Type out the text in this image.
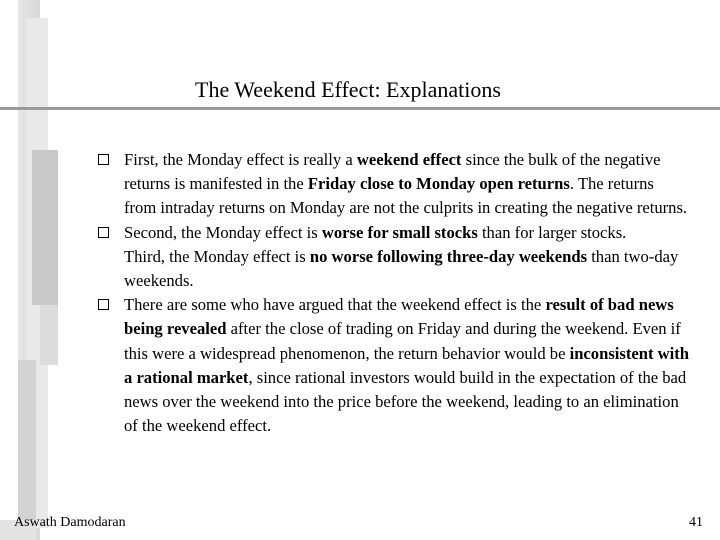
The Weekend Effect: Explanations

First, the Monday effect is really a weekend effect since the bulk of the negative returns is manifested in the Friday close to Monday open returns. The returns from intraday returns on Monday are not the culprits in creating the negative returns.

Second, the Monday effect is worse for small stocks than for larger stocks.

Third, the Monday effect is no worse following three-day weekends than two-day weekends.

There are some who have argued that the weekend effect is the result of bad news being revealed after the close of trading on Friday and during the weekend. Even if this were a widespread phenomenon, the return behavior would be inconsistent with a rational market, since rational investors would build in the expectation of the bad news over the weekend into the price before the weekend, leading to an elimination of the weekend effect.

Aswath Damodaran	41
